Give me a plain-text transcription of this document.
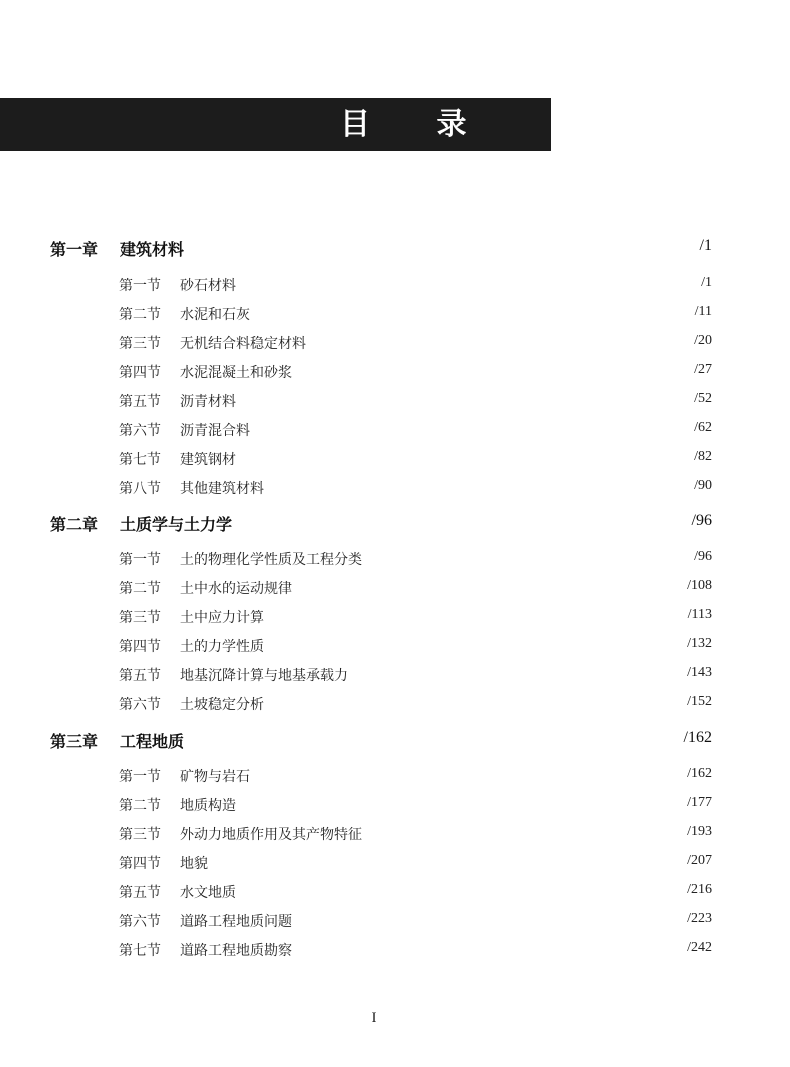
目 录
第一章 建筑材料	/1
第一节 砂石材料	/1
第二节 水泥和石灰	/11
第三节 无机结合料稳定材料	/20
第四节 水泥混凝土和砂浆	/27
第五节 沥青材料	/52
第六节 沥青混合料	/62
第七节 建筑钢材	/82
第八节 其他建筑材料	/90
第二章 土质学与土力学	/96
第一节 土的物理化学性质及工程分类	/96
第二节 土中水的运动规律	/108
第三节 土中应力计算	/113
第四节 土的力学性质	/132
第五节 地基沉降计算与地基承载力	/143
第六节 土坡稳定分析	/152
第三章 工程地质	/162
第一节 矿物与岩石	/162
第二节 地质构造	/177
第三节 外动力地质作用及其产物特征	/193
第四节 地貌	/207
第五节 水文地质	/216
第六节 道路工程地质问题	/223
第七节 道路工程地质勘察	/242
I
